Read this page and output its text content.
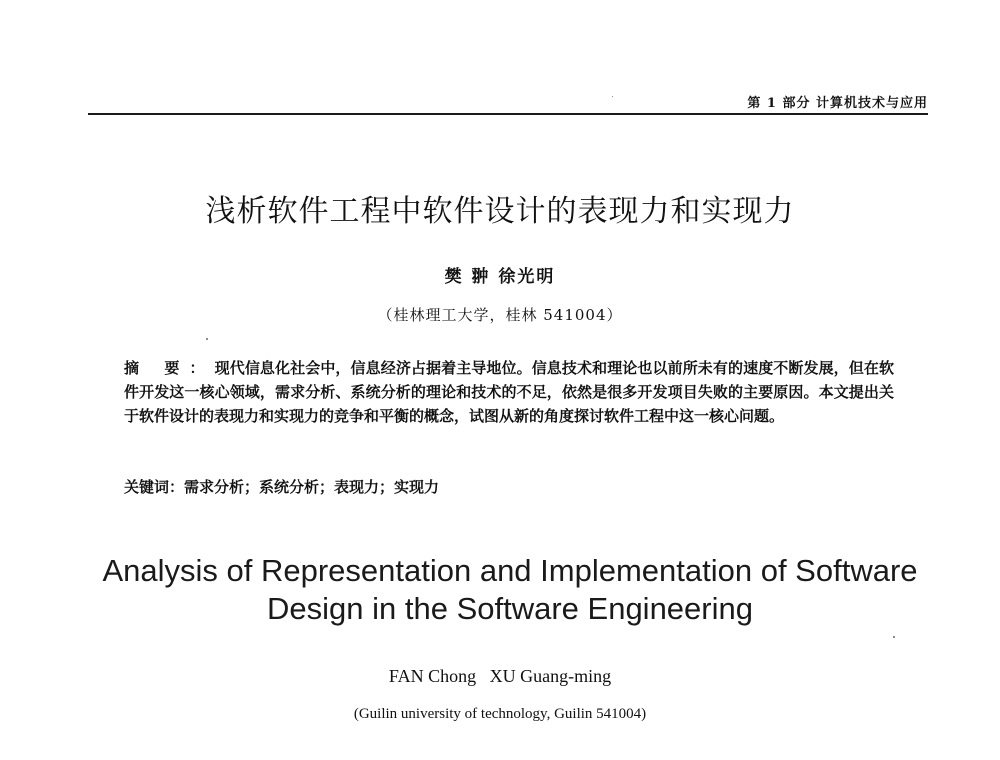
第 1 部分 计算机技术与应用
浅析软件工程中软件设计的表现力和实现力
樊 翀 徐光明
（桂林理工大学，桂林 541004）
摘 要：现代信息化社会中，信息经济占据着主导地位。信息技术和理论也以前所未有的速度不断发展，但在软件开发这一核心领域，需求分析、系统分析的理论和技术的不足，依然是很多开发项目失败的主要原因。本文提出关于软件设计的表现力和实现力的竞争和平衡的概念，试图从新的角度探讨软件工程中这一核心问题。
关键词：需求分析；系统分析；表现力；实现力
Analysis of Representation and Implementation of Software
Design in the Software Engineering
FAN Chong   XU Guang-ming
(Guilin university of technology, Guilin 541004)
